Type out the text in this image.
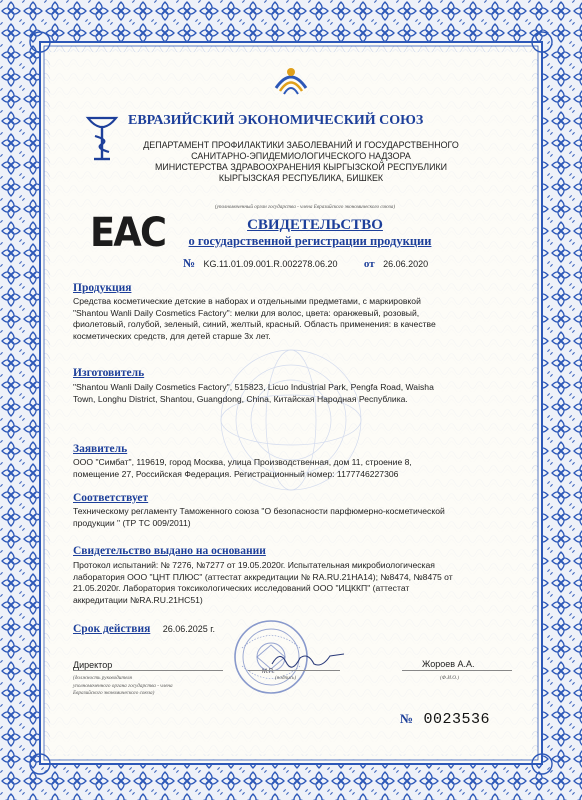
ЕВРАЗИЙСКИЙ ЭКОНОМИЧЕСКИЙ СОЮЗ
ДЕПАРТАМЕНТ ПРОФИЛАКТИКИ ЗАБОЛЕВАНИЙ И ГОСУДАРСТВЕННОГО
САНИТАРНО-ЭПИДЕМИОЛОГИЧЕСКОГО НАДЗОРА
МИНИСТЕРСТВА ЗДРАВООХРАНЕНИЯ КЫРГЫЗСКОЙ РЕСПУБЛИКИ
КЫРГЫЗСКАЯ РЕСПУБЛИКА, БИШКЕК
(уполномоченный орган государства - члена Евразийского экономического союза)
EAC	СВИДЕТЕЛЬСТВО
о государственной регистрации продукции
№ KG.11.01.09.001.R.002278.06.20 от 26.06.2020
Продукция
Средства косметические детские в наборах и отдельными предметами, с маркировкой
"Shantou Wanli Daily Cosmetics Factory": мелки для волос, цвета: оранжевый, розовый,
фиолетовый, голубой, зеленый, синий, желтый, красный. Область применения: в качестве
косметических средств, для детей старше 3х лет.
Изготовитель
"Shantou Wanli Daily Cosmetics Factory", 515823, Licuo Industrial Park, Pengfa Road, Waisha
Town, Longhu District, Shantou, Guangdong, China, Китайская Народная Республика.
Заявитель
ООО "Симбат", 119619, город Москва, улица Производственная, дом 11, строение 8,
помещение 27, Российская Федерация. Регистрационный номер: 1177746227306
Соответствует
Техническому регламенту Таможенного союза "О безопасности парфюмерно-косметической
продукции " (ТР ТС 009/2011)
Свидетельство выдано на основании
Протокол испытаний: № 7276, №7277 от 19.05.2020г. Испытательная микробиологическая
лаборатория ООО "ЦНТ ПЛЮС" (аттестат аккредитации № RA.RU.21HA14); №8474, №8475 от
21.05.2020г. Лаборатория токсикологических исследований ООО "ИЦККП" (аттестат
аккредитации №RA.RU.21HC51)
Срок действия 26.06.2025 г.
Директор
(должность руководителя
уполномоченного органа государства - члена
Евразийского экономического союза)
М.П.
(подпись)
Жороев А.А.
(Ф.И.О.)
№ 0023536
